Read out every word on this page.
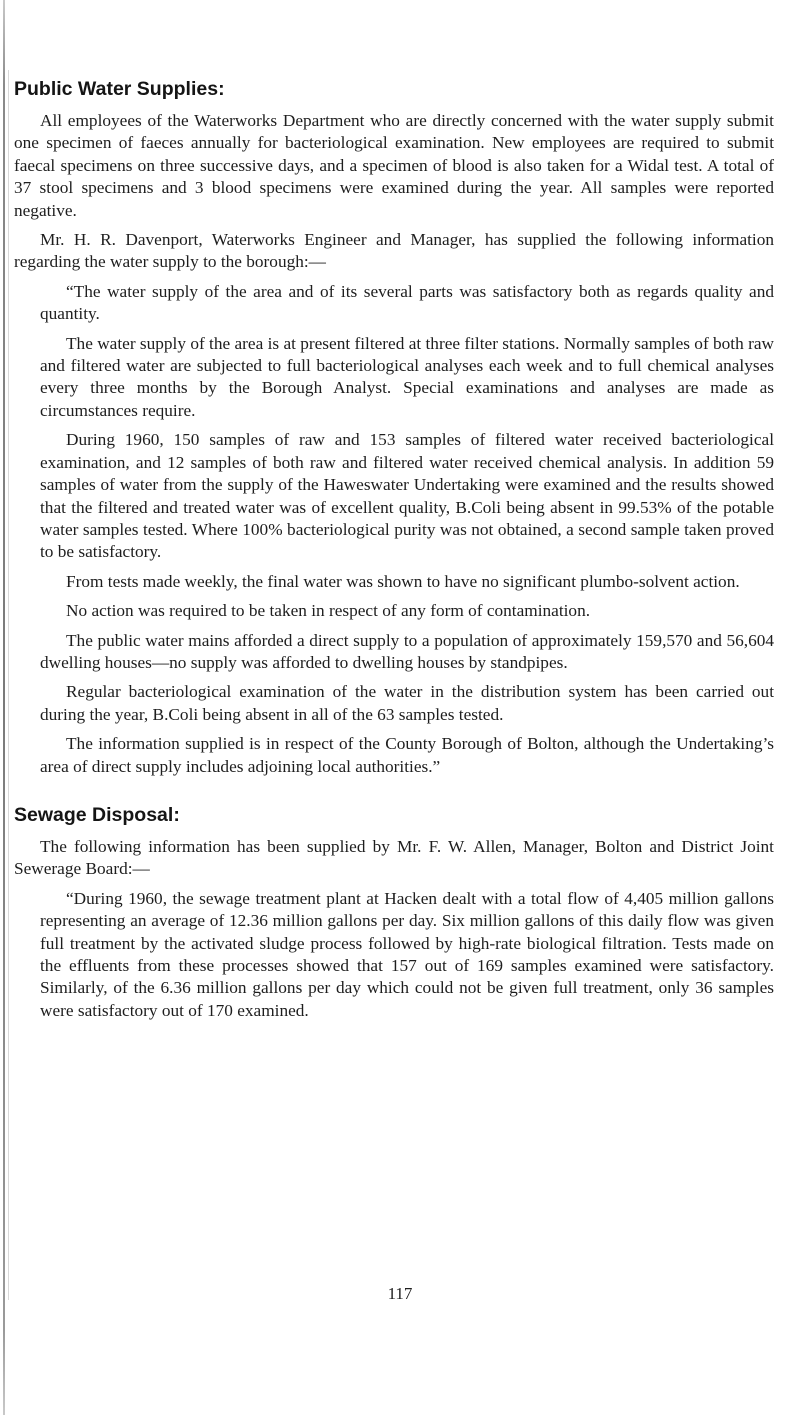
Public Water Supplies:

All employees of the Waterworks Department who are directly concerned with the water supply submit one specimen of faeces annually for bacteriological examination. New employees are required to submit faecal specimens on three successive days, and a specimen of blood is also taken for a Widal test. A total of 37 stool specimens and 3 blood specimens were examined during the year. All samples were reported negative.

Mr. H. R. Davenport, Waterworks Engineer and Manager, has supplied the following information regarding the water supply to the borough:—

“The water supply of the area and of its several parts was satisfactory both as regards quality and quantity.

The water supply of the area is at present filtered at three filter stations. Normally samples of both raw and filtered water are subjected to full bacteriological analyses each week and to full chemical analyses every three months by the Borough Analyst. Special examinations and analyses are made as circumstances require.

During 1960, 150 samples of raw and 153 samples of filtered water received bacteriological examination, and 12 samples of both raw and filtered water received chemical analysis. In addition 59 samples of water from the supply of the Haweswater Undertaking were examined and the results showed that the filtered and treated water was of excellent quality, B.Coli being absent in 99.53% of the potable water samples tested. Where 100% bacteriological purity was not obtained, a second sample taken proved to be satisfactory.

From tests made weekly, the final water was shown to have no significant plumbo-solvent action.

No action was required to be taken in respect of any form of contamination.

The public water mains afforded a direct supply to a population of approximately 159,570 and 56,604 dwelling houses—no supply was afforded to dwelling houses by standpipes.

Regular bacteriological examination of the water in the distribution system has been carried out during the year, B.Coli being absent in all of the 63 samples tested.

The information supplied is in respect of the County Borough of Bolton, although the Undertaking’s area of direct supply includes adjoining local authorities.”

Sewage Disposal:

The following information has been supplied by Mr. F. W. Allen, Manager, Bolton and District Joint Sewerage Board:—

“During 1960, the sewage treatment plant at Hacken dealt with a total flow of 4,405 million gallons representing an average of 12.36 million gallons per day. Six million gallons of this daily flow was given full treatment by the activated sludge process followed by high-rate biological filtration. Tests made on the effluents from these processes showed that 157 out of 169 samples examined were satisfactory. Similarly, of the 6.36 million gallons per day which could not be given full treatment, only 36 samples were satisfactory out of 170 examined.

117
